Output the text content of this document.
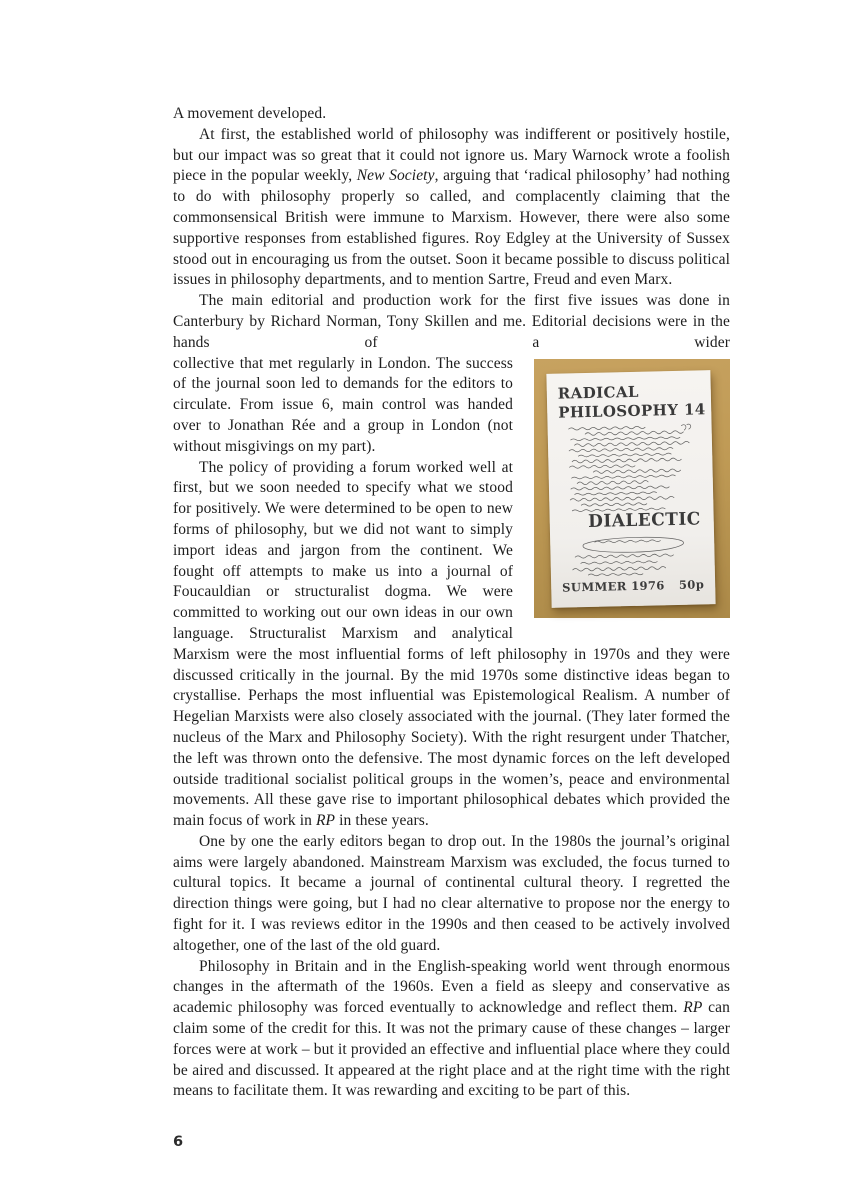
A movement developed.

At first, the established world of philosophy was indifferent or positively hostile, but our impact was so great that it could not ignore us. Mary Warnock wrote a foolish piece in the popular weekly, New Society, arguing that ‘radical philosophy’ had nothing to do with philosophy properly so called, and complacently claiming that the commonsensical British were immune to Marxism. However, there were also some supportive responses from established figures. Roy Edgley at the University of Sussex stood out in encouraging us from the outset. Soon it became possible to discuss political issues in philosophy departments, and to mention Sartre, Freud and even Marx.

The main editorial and production work for the first five issues was done in Canterbury by Richard Norman, Tony Skillen and me. Editorial decisions were in the hands of a wider

RADICAL
PHILOSOPHY 14
DIALECTIC
SUMMER 1976 50p

collective that met regularly in London. The success of the journal soon led to demands for the editors to circulate. From issue 6, main control was handed over to Jonathan Rée and a group in London (not without misgivings on my part).

The policy of providing a forum worked well at first, but we soon needed to specify what we stood for positively. We were determined to be open to new forms of philosophy, but we did not want to simply import ideas and jargon from the continent. We fought off attempts to make us into a journal of Foucauldian or structuralist dogma. We were committed to working out our own ideas in our own language. Structuralist Marxism and analytical Marxism were the most influential forms of left philosophy in 1970s and they were discussed critically in the journal. By the mid 1970s some distinctive ideas began to crystallise. Perhaps the most influential was Epistemological Realism. A number of Hegelian Marxists were also closely associated with the journal. (They later formed the nucleus of the Marx and Philosophy Society). With the right resurgent under Thatcher, the left was thrown onto the defensive. The most dynamic forces on the left developed outside traditional socialist political groups in the women’s, peace and environmental movements. All these gave rise to important philosophical debates which provided the main focus of work in RP in these years.

One by one the early editors began to drop out. In the 1980s the journal’s original aims were largely abandoned. Mainstream Marxism was excluded, the focus turned to cultural topics. It became a journal of continental cultural theory. I regretted the direction things were going, but I had no clear alternative to propose nor the energy to fight for it. I was reviews editor in the 1990s and then ceased to be actively involved altogether, one of the last of the old guard.

Philosophy in Britain and in the English-speaking world went through enormous changes in the aftermath of the 1960s. Even a field as sleepy and conservative as academic philosophy was forced eventually to acknowledge and reflect them. RP can claim some of the credit for this. It was not the primary cause of these changes – larger forces were at work – but it provided an effective and influential place where they could be aired and discussed. It appeared at the right place and at the right time with the right means to facilitate them. It was rewarding and exciting to be part of this.

6
